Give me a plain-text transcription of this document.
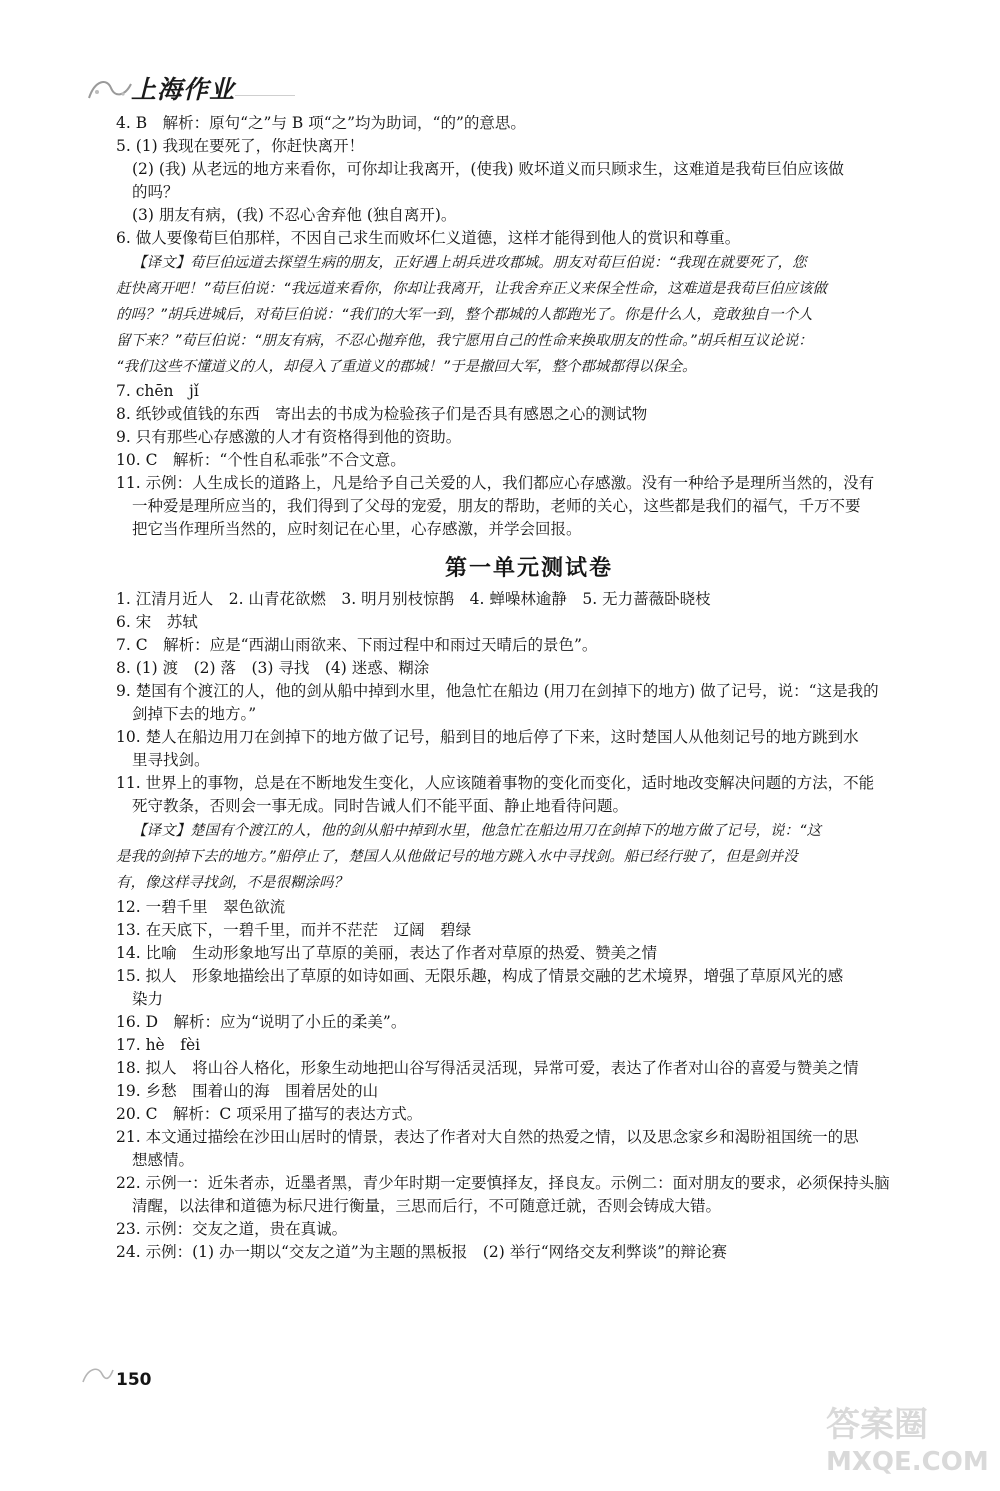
上海作业
4. B　解析：原句“之”与 B 项“之”均为助词，“的”的意思。
5. (1) 我现在要死了，你赶快离开！
(2) (我) 从老远的地方来看你，可你却让我离开，(使我) 败坏道义而只顾求生，这难道是我荀巨伯应该做
的吗？
(3) 朋友有病，(我) 不忍心舍弃他 (独自离开)。
6. 做人要像荀巨伯那样，不因自己求生而败坏仁义道德，这样才能得到他人的赏识和尊重。
【译文】荀巨伯远道去探望生病的朋友，正好遇上胡兵进攻郡城。朋友对荀巨伯说：“我现在就要死了，您
赶快离开吧！”荀巨伯说：“我远道来看你，你却让我离开，让我舍弃正义来保全性命，这难道是我荀巨伯应该做
的吗？”胡兵进城后，对荀巨伯说：“我们的大军一到，整个郡城的人都跑光了。你是什么人，竟敢独自一个人
留下来？”荀巨伯说：“朋友有病，不忍心抛弃他，我宁愿用自己的性命来换取朋友的性命。”胡兵相互议论说：
“我们这些不懂道义的人，却侵入了重道义的郡城！”于是撤回大军，整个郡城都得以保全。
7. chēn　jǐ
8. 纸钞或值钱的东西　寄出去的书成为检验孩子们是否具有感恩之心的测试物
9. 只有那些心存感激的人才有资格得到他的资助。
10. C　解析：“个性自私乖张”不合文意。
11. 示例：人生成长的道路上，凡是给予自己关爱的人，我们都应心存感激。没有一种给予是理所当然的，没有
一种爱是理所应当的，我们得到了父母的宠爱，朋友的帮助，老师的关心，这些都是我们的福气，千万不要
把它当作理所当然的，应时刻记在心里，心存感激，并学会回报。
第一单元测试卷
1. 江清月近人　2. 山青花欲燃　3. 明月别枝惊鹊　4. 蝉噪林逾静　5. 无力蔷薇卧晓枝
6. 宋　苏轼
7. C　解析：应是“西湖山雨欲来、下雨过程中和雨过天晴后的景色”。
8. (1) 渡　(2) 落　(3) 寻找　(4) 迷惑、糊涂
9. 楚国有个渡江的人，他的剑从船中掉到水里，他急忙在船边 (用刀在剑掉下的地方) 做了记号，说：“这是我的
剑掉下去的地方。”
10. 楚人在船边用刀在剑掉下的地方做了记号，船到目的地后停了下来，这时楚国人从他刻记号的地方跳到水
里寻找剑。
11. 世界上的事物，总是在不断地发生变化，人应该随着事物的变化而变化，适时地改变解决问题的方法，不能
死守教条，否则会一事无成。同时告诫人们不能平面、静止地看待问题。
【译文】楚国有个渡江的人，他的剑从船中掉到水里，他急忙在船边用刀在剑掉下的地方做了记号，说：“这
是我的剑掉下去的地方。”船停止了，楚国人从他做记号的地方跳入水中寻找剑。船已经行驶了，但是剑并没
有，像这样寻找剑，不是很糊涂吗？
12. 一碧千里　翠色欲流
13. 在天底下，一碧千里，而并不茫茫　辽阔　碧绿
14. 比喻　生动形象地写出了草原的美丽，表达了作者对草原的热爱、赞美之情
15. 拟人　形象地描绘出了草原的如诗如画、无限乐趣，构成了情景交融的艺术境界，增强了草原风光的感
染力
16. D　解析：应为“说明了小丘的柔美”。
17. hè　fèi
18. 拟人　将山谷人格化，形象生动地把山谷写得活灵活现，异常可爱，表达了作者对山谷的喜爱与赞美之情
19. 乡愁　围着山的海　围着居处的山
20. C　解析：C 项采用了描写的表达方式。
21. 本文通过描绘在沙田山居时的情景，表达了作者对大自然的热爱之情，以及思念家乡和渴盼祖国统一的思
想感情。
22. 示例一：近朱者赤，近墨者黑，青少年时期一定要慎择友，择良友。示例二：面对朋友的要求，必须保持头脑
清醒，以法律和道德为标尺进行衡量，三思而后行，不可随意迁就，否则会铸成大错。
23. 示例：交友之道，贵在真诚。
24. 示例：(1) 办一期以“交友之道”为主题的黑板报　(2) 举行“网络交友利弊谈”的辩论赛
150
答案圈
MXQE.COM
